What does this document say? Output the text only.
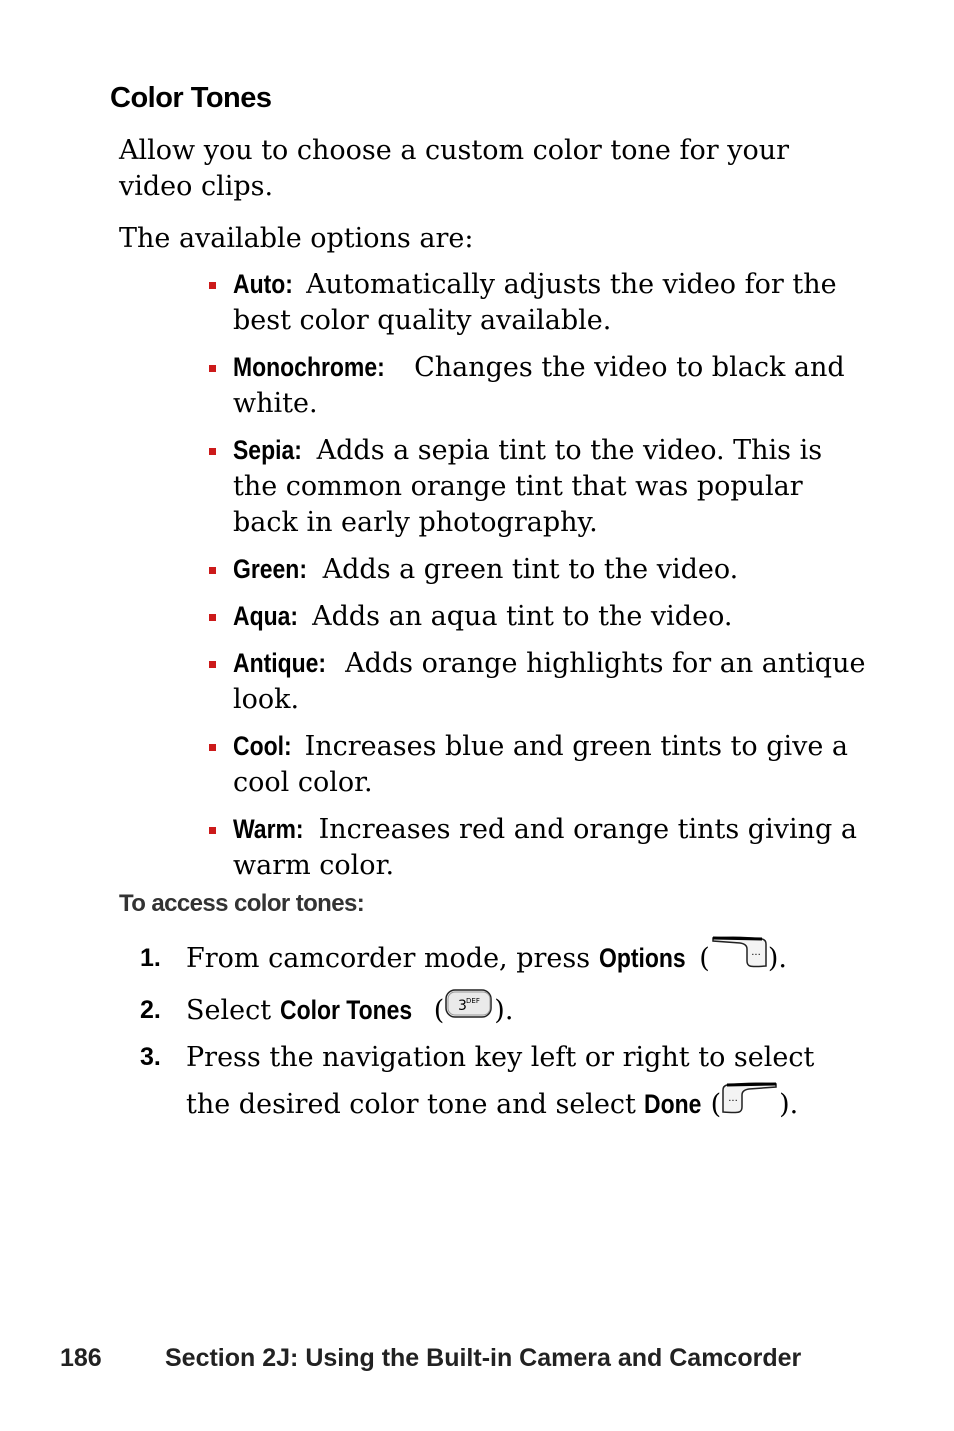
Color Tones
Allow you to choose a custom color tone for your video clips.
The available options are:
Auto: Automatically adjusts the video for the best color quality available.
Monochrome: Changes the video to black and white.
Sepia: Adds a sepia tint to the video. This is the common orange tint that was popular back in early photography.
Green: Adds a green tint to the video.
Aqua: Adds an aqua tint to the video.
Antique: Adds orange highlights for an antique look.
Cool: Increases blue and green tints to give a cool color.
Warm: Increases red and orange tints giving a warm color.
To access color tones:
1. From camcorder mode, press Options (	··· ).
2. Select Color Tones ( 3 DEF ).
3. Press the navigation key left or right to select the desired color tone and select Done ( ··· ).
186	Section 2J: Using the Built-in Camera and Camcorder
